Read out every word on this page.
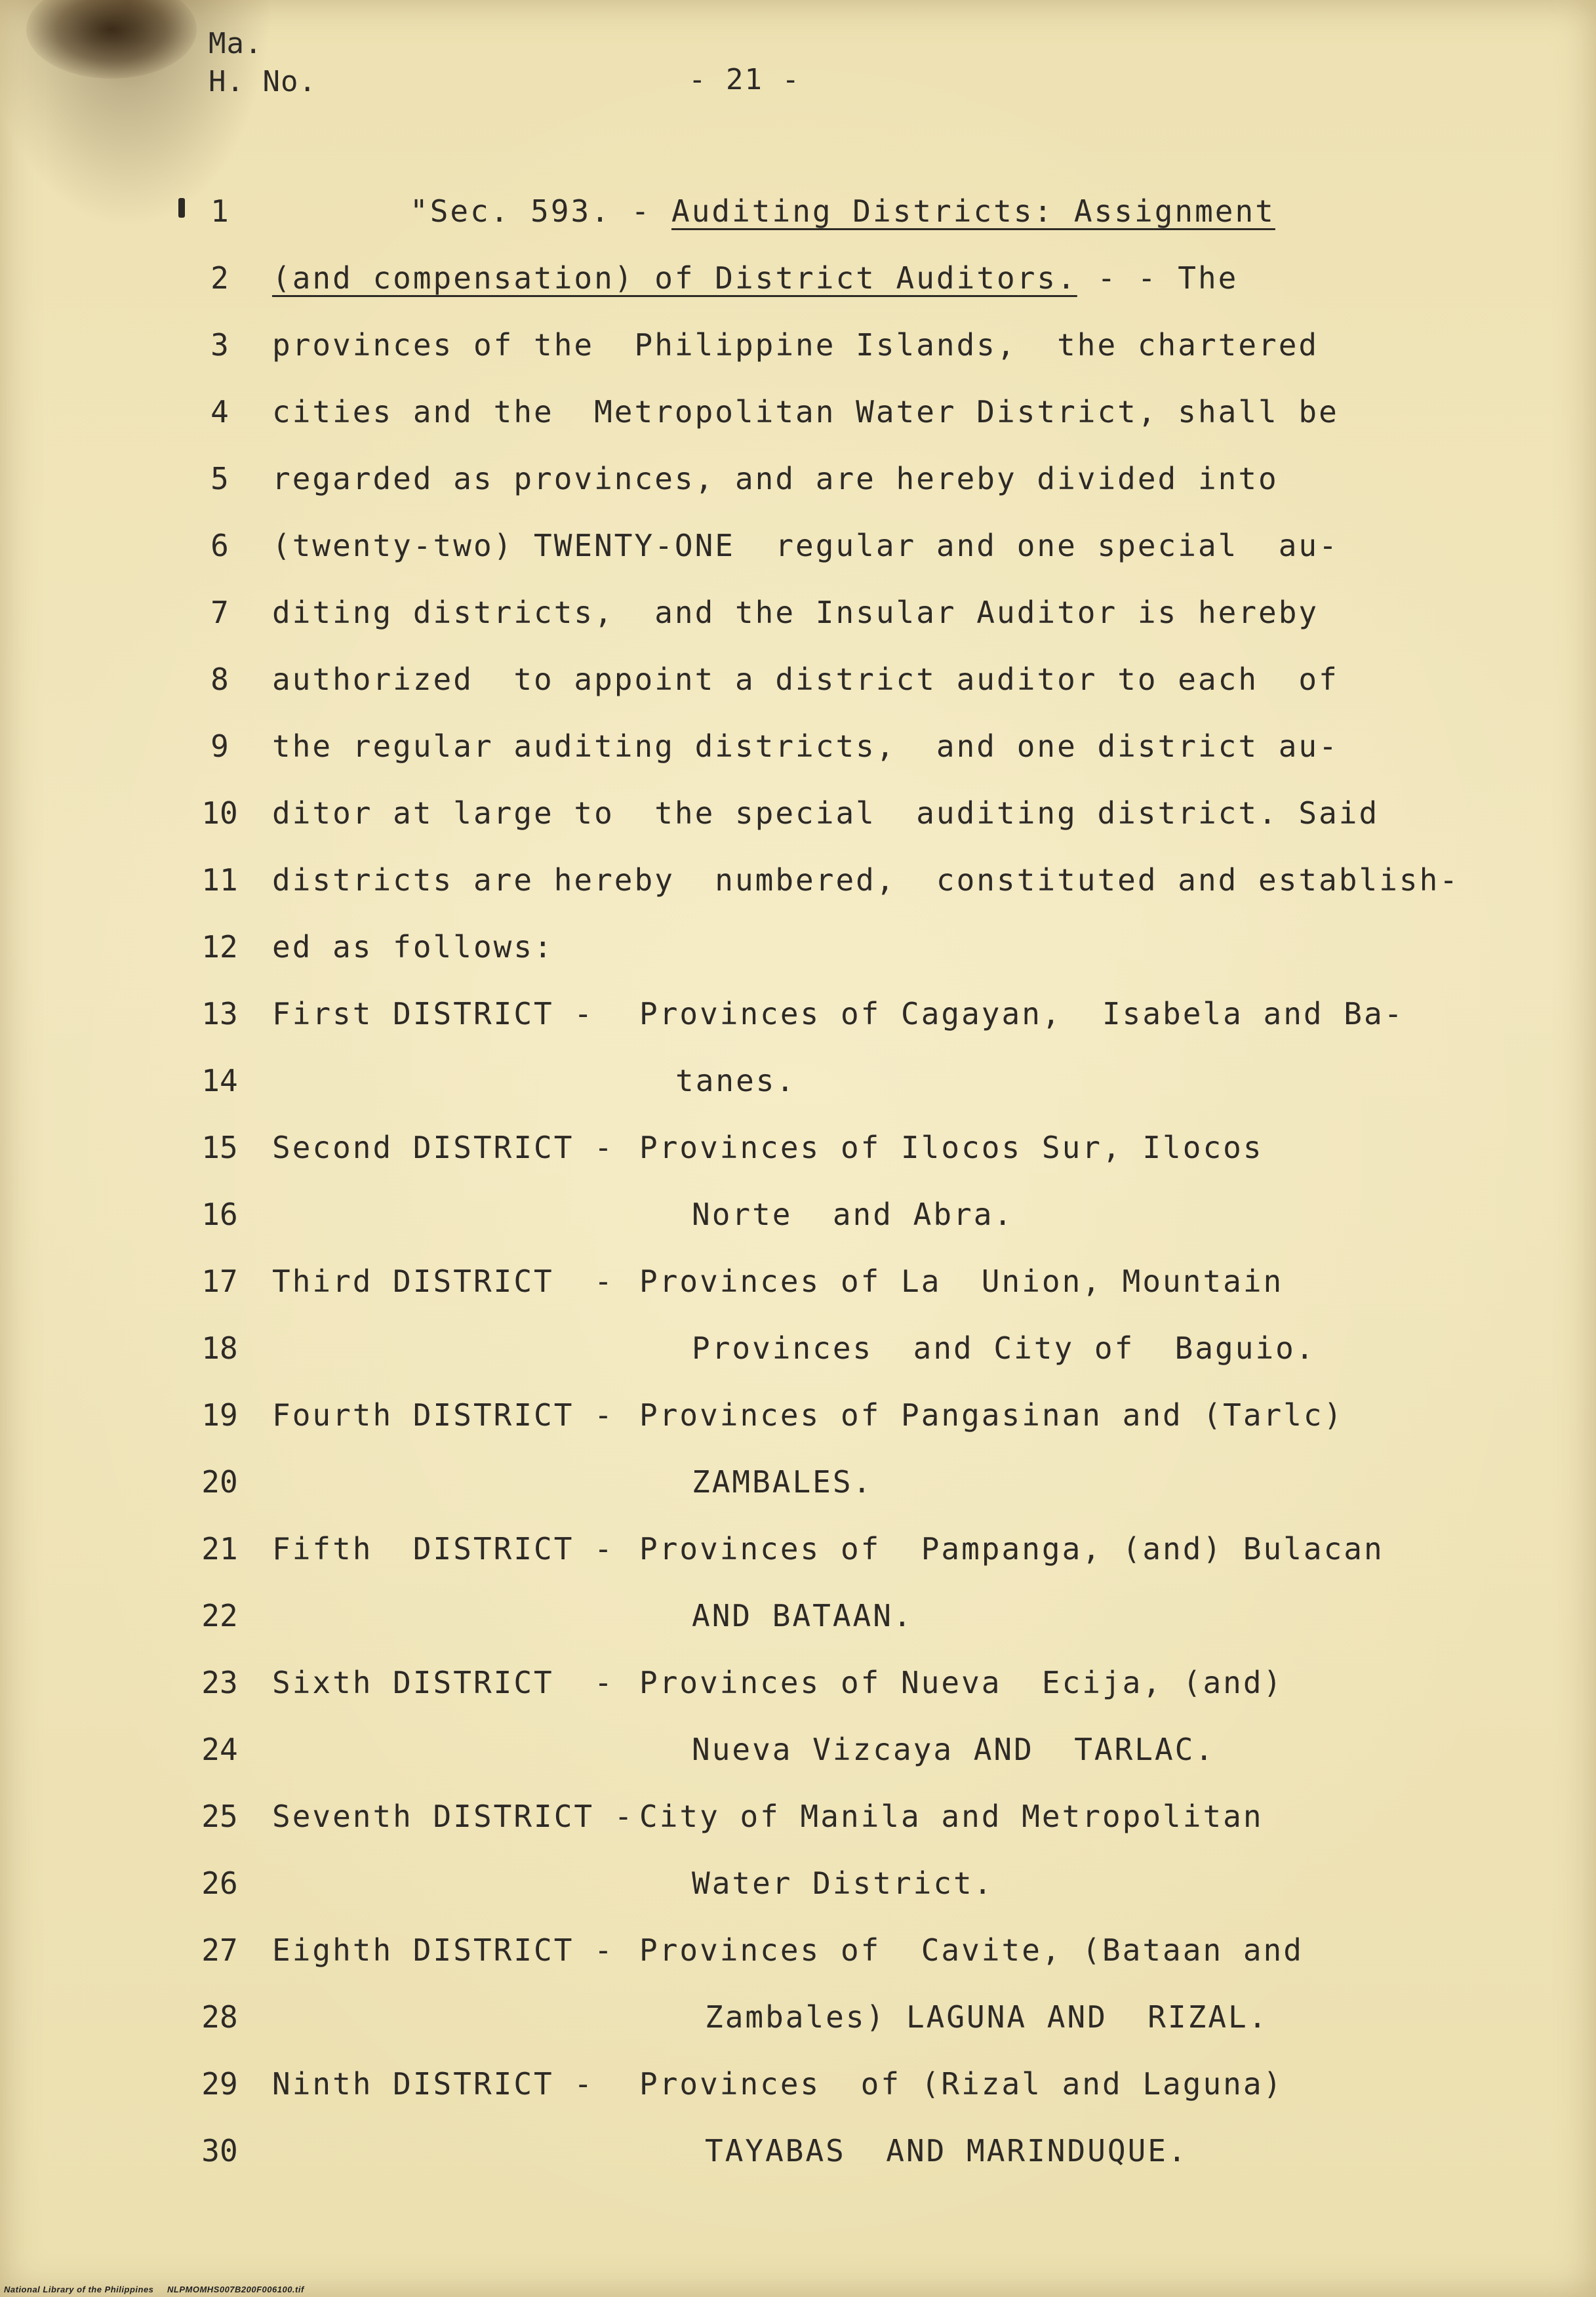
Ma.
H. No.	- 21 -

1

	"Sec. 593. - Auditing Districts: Assignment

2

	(and compensation) of District Auditors. - - The

3

	provinces of the  Philippine Islands,  the chartered

4

	cities and the  Metropolitan Water District, shall be

5

	regarded as provinces, and are hereby divided into

6

	(twenty-two) TWENTY-ONE  regular and one special  au-

7

	diting districts,  and the Insular Auditor is hereby

8

	authorized  to appoint a district auditor to each  of

9

	the regular auditing districts,  and one district au-

10

	ditor at large to  the special  auditing district. Said

11

	districts are hereby  numbered,  constituted and establish-

12

	ed as follows:

13

	First DISTRICT - Provinces of Cagayan,  Isabela and Ba-

14

	tanes.

15

	Second DISTRICT - Provinces of Ilocos Sur, Ilocos

16

	Norte  and Abra.

17

	Third DISTRICT  - Provinces of La  Union, Mountain

18

	Provinces  and City of  Baguio.

19

	Fourth DISTRICT - Provinces of Pangasinan and (Tarlc)

20

	ZAMBALES.

21

	Fifth  DISTRICT - Provinces of  Pampanga, (and) Bulacan

22

	AND BATAAN.

23

	Sixth DISTRICT  - Provinces of Nueva  Ecija, (and)

24

	Nueva Vizcaya AND  TARLAC.

25

	Seventh DISTRICT - City of Manila and Metropolitan

26

	Water District.

27

	Eighth DISTRICT - Provinces of  Cavite, (Bataan and

28

	Zambales) LAGUNA AND  RIZAL.

29

	Ninth DISTRICT - Provinces  of (Rizal and Laguna)

30

	TAYABAS  AND MARINDUQUE.

National Library of the Philippines NLPMOMHS007B200F006100.tif
